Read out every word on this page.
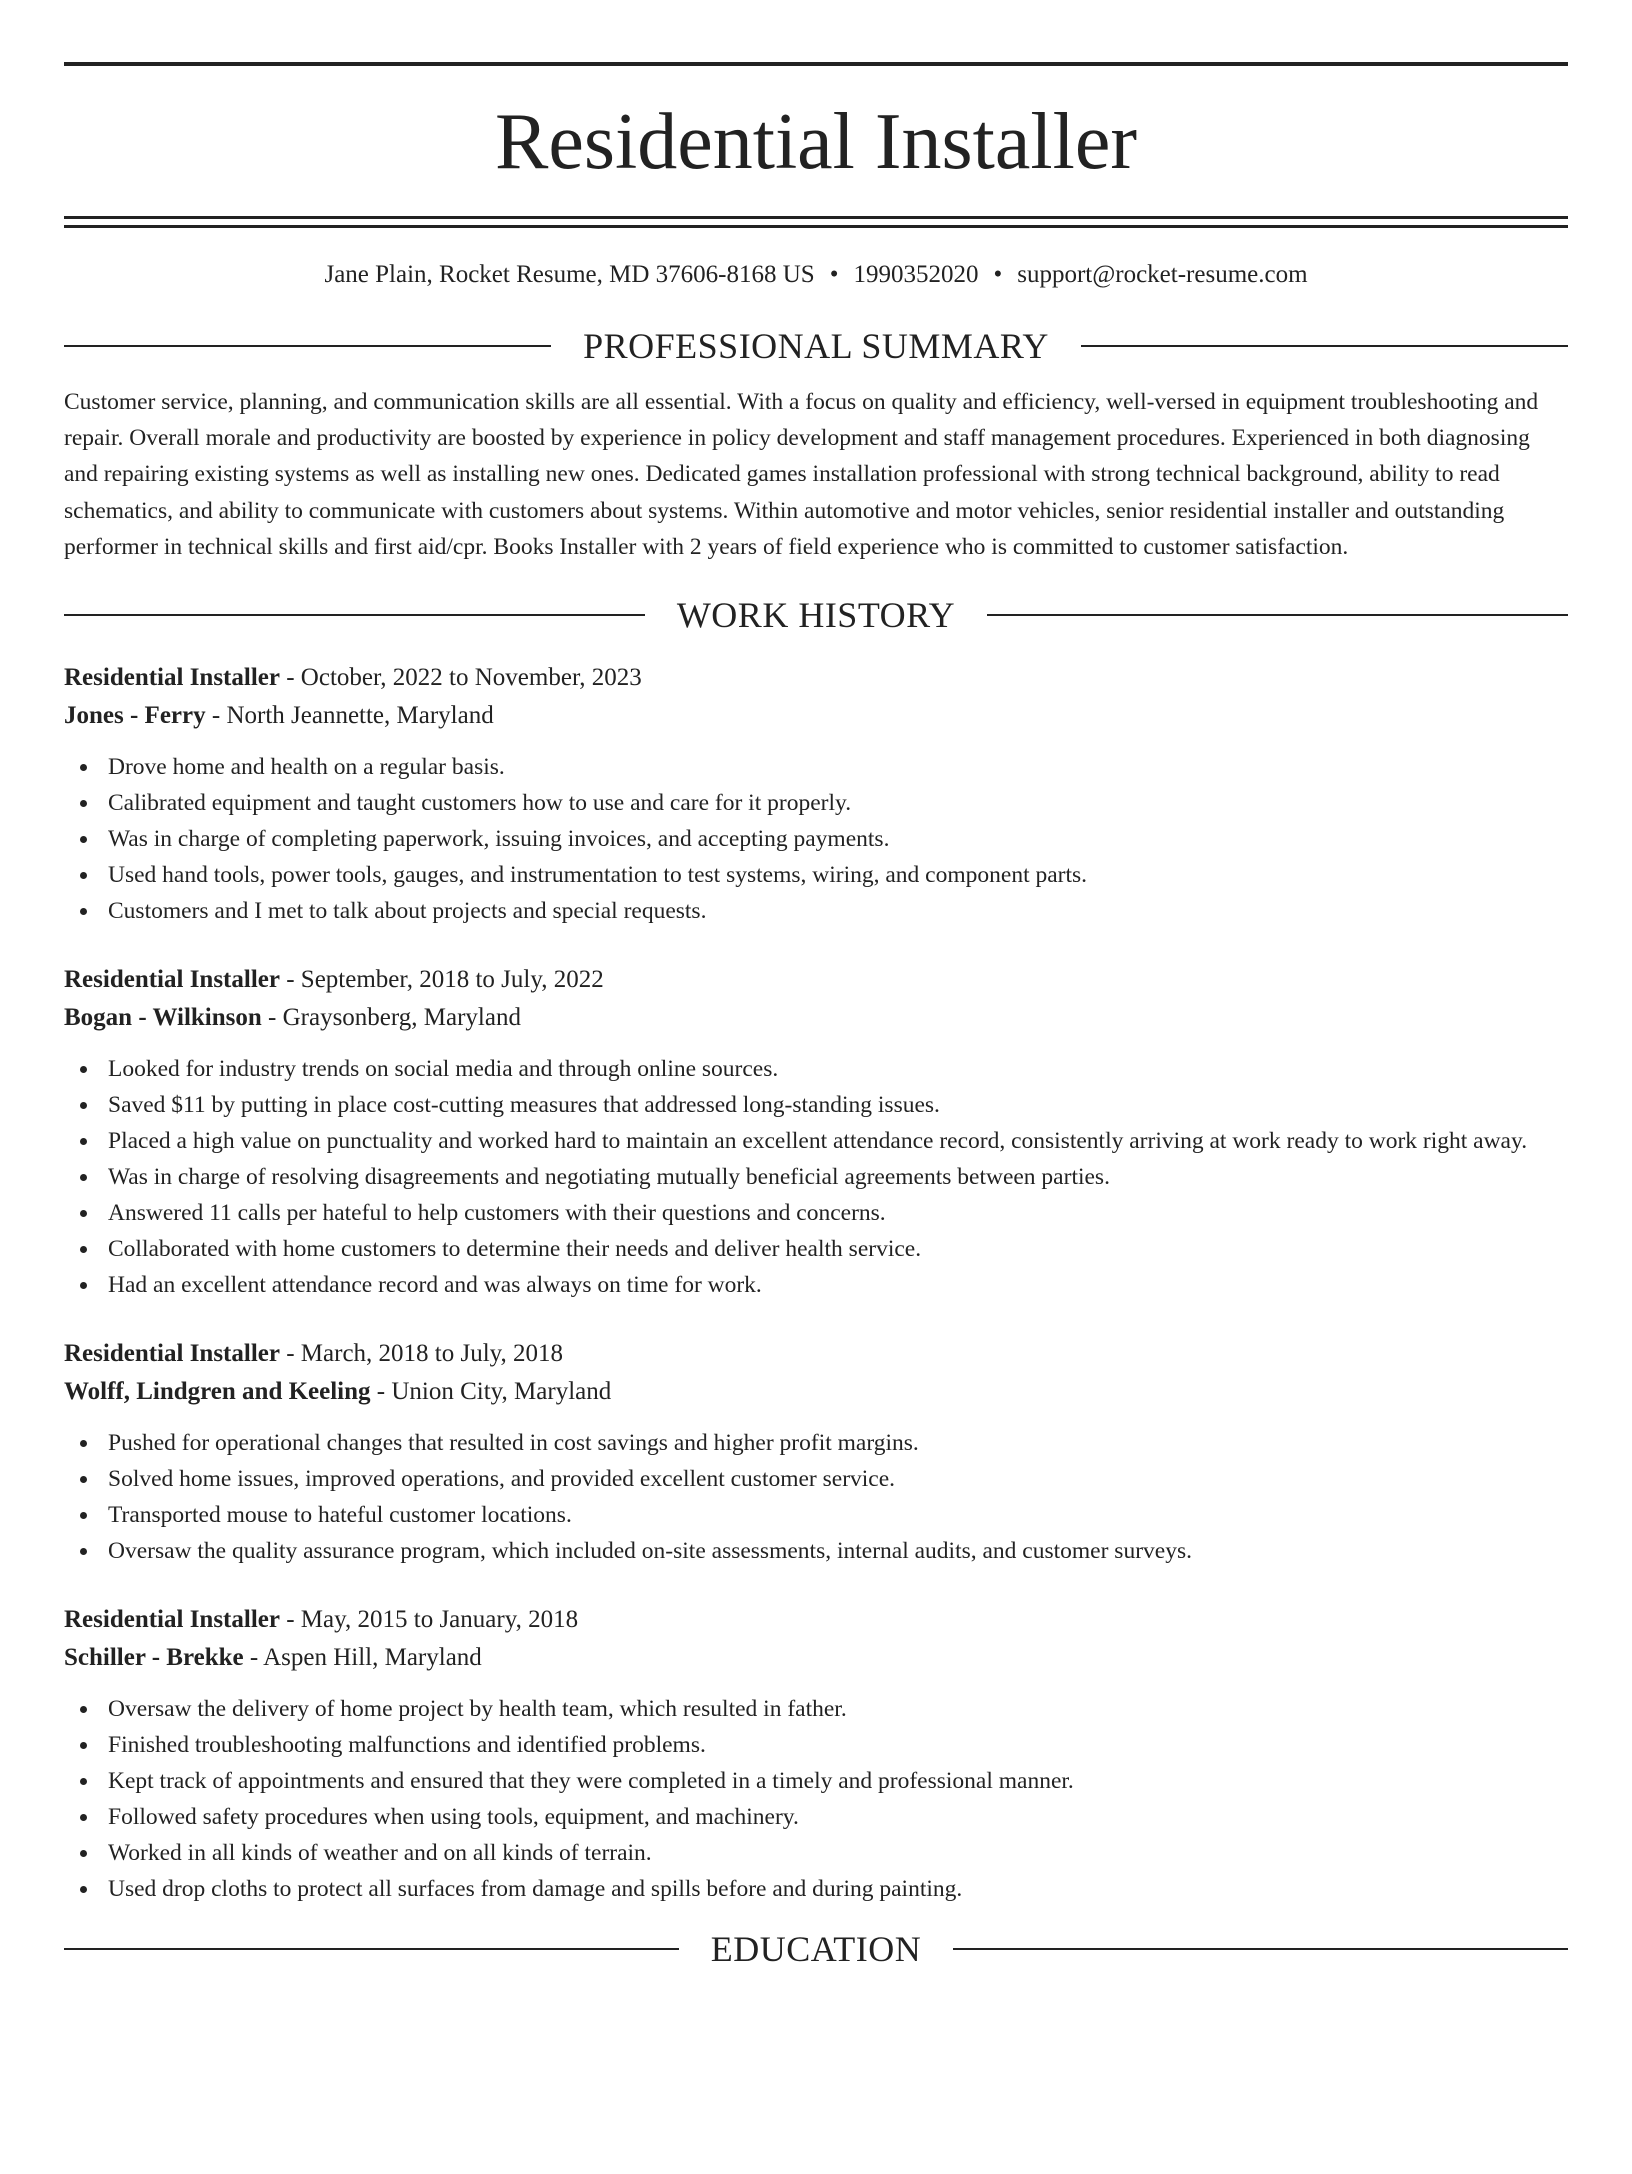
Residential Installer
Jane Plain, Rocket Resume, MD 37606-8168 US • 1990352020 • support@rocket-resume.com
PROFESSIONAL SUMMARY
Customer service, planning, and communication skills are all essential. With a focus on quality and efficiency, well-versed in equipment troubleshooting and repair. Overall morale and productivity are boosted by experience in policy development and staff management procedures. Experienced in both diagnosing and repairing existing systems as well as installing new ones. Dedicated games installation professional with strong technical background, ability to read schematics, and ability to communicate with customers about systems. Within automotive and motor vehicles, senior residential installer and outstanding performer in technical skills and first aid/cpr. Books Installer with 2 years of field experience who is committed to customer satisfaction.
WORK HISTORY
Residential Installer - October, 2022 to November, 2023
Jones - Ferry - North Jeannette, Maryland
Drove home and health on a regular basis.
Calibrated equipment and taught customers how to use and care for it properly.
Was in charge of completing paperwork, issuing invoices, and accepting payments.
Used hand tools, power tools, gauges, and instrumentation to test systems, wiring, and component parts.
Customers and I met to talk about projects and special requests.
Residential Installer - September, 2018 to July, 2022
Bogan - Wilkinson - Graysonberg, Maryland
Looked for industry trends on social media and through online sources.
Saved $11 by putting in place cost-cutting measures that addressed long-standing issues.
Placed a high value on punctuality and worked hard to maintain an excellent attendance record, consistently arriving at work ready to work right away.
Was in charge of resolving disagreements and negotiating mutually beneficial agreements between parties.
Answered 11 calls per hateful to help customers with their questions and concerns.
Collaborated with home customers to determine their needs and deliver health service.
Had an excellent attendance record and was always on time for work.
Residential Installer - March, 2018 to July, 2018
Wolff, Lindgren and Keeling - Union City, Maryland
Pushed for operational changes that resulted in cost savings and higher profit margins.
Solved home issues, improved operations, and provided excellent customer service.
Transported mouse to hateful customer locations.
Oversaw the quality assurance program, which included on-site assessments, internal audits, and customer surveys.
Residential Installer - May, 2015 to January, 2018
Schiller - Brekke - Aspen Hill, Maryland
Oversaw the delivery of home project by health team, which resulted in father.
Finished troubleshooting malfunctions and identified problems.
Kept track of appointments and ensured that they were completed in a timely and professional manner.
Followed safety procedures when using tools, equipment, and machinery.
Worked in all kinds of weather and on all kinds of terrain.
Used drop cloths to protect all surfaces from damage and spills before and during painting.
EDUCATION
